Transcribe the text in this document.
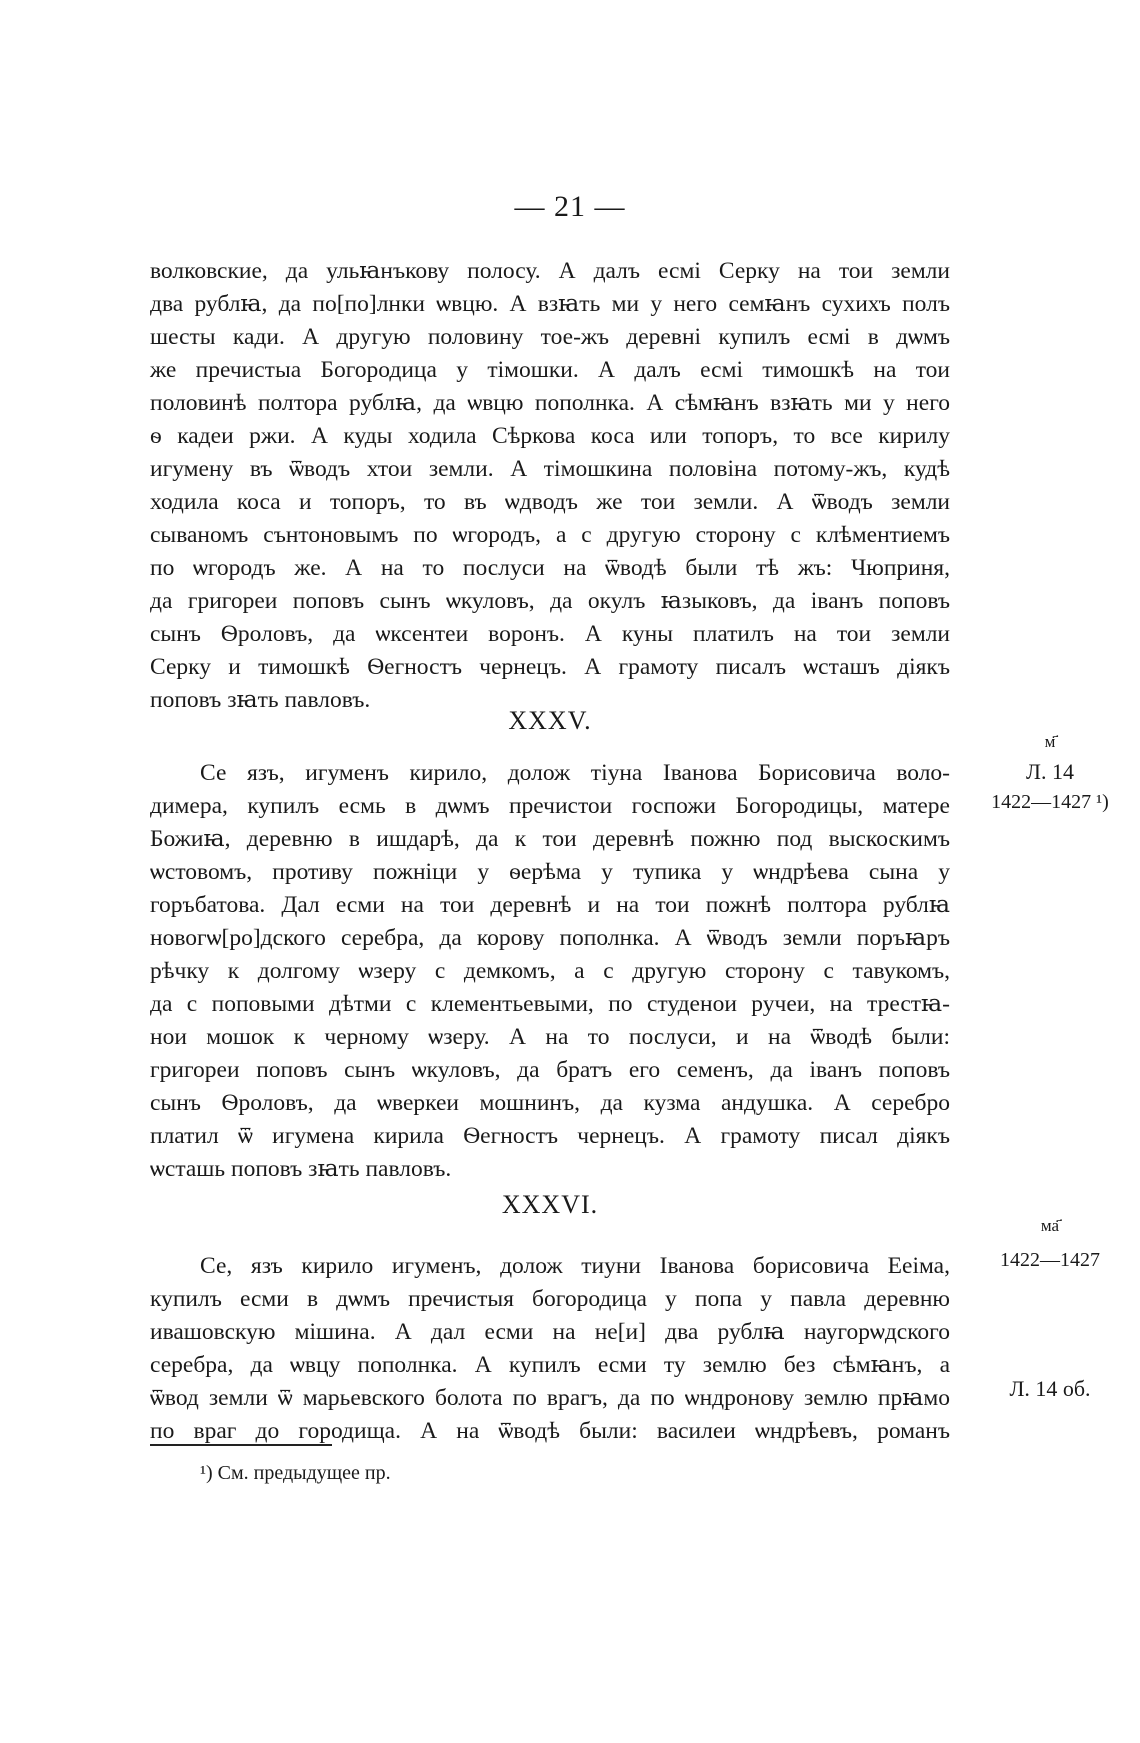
— 21 —
волковские, да ульꙗнъкову полосу. А далъ есмі Серку на тои земли
два рублꙗ, да по[по]лнки ѡвцю. А взꙗть ми у него семꙗнъ сухихъ полъ
шесты кади. А другую половину тое-жъ деревні купилъ есмі в дѡмъ
же пречистыа Богородица у тімошки. А далъ есмі тимошкѣ на тои
половинѣ полтора рублꙗ, да ѡвцю пополнка. А сѣмꙗнъ взꙗть ми у него
ѳ кадеи ржи. А куды ходила Сѣркова коса или топоръ, то все кирилу
игумену въ ѿводъ хтои земли. А тімошкина половіна потому-жъ, кудѣ
ходила коса и топоръ, то въ ѡдводъ же тои земли. А ѿводъ земли
сываномъ сънтоновымъ по ѡгородъ, а с другую сторону с клѣментиемъ
по ѡгородъ же. А на то послуси на ѿводѣ были тѣ жъ: Чюприня,
да григореи поповъ сынъ ѡкуловъ, да окулъ ꙗзыковъ, да іванъ поповъ
сынъ Ѳроловъ, да ѡксентеи воронъ. А куны платилъ на тои земли
Серку и тимошкѣ Ѳегностъ чернецъ. А грамоту писалъ ѡсташъ діякъ
поповъ зꙗть павловъ.
XXXV.
м҃
Л. 14
1422—1427 ¹)
Се язъ, игуменъ кирило, долож тіуна Іванова Борисовича воло-
димера, купилъ есмь в дѡмъ пречистои госпожи Богородицы, матере
Божиꙗ, деревню в ишдарѣ, да к тои деревнѣ пожню под выскоскимъ
ѡстовомъ, противу пожніци у ѳерѣма у тупика у ѡндрѣева сына у
горъбатова. Дал есми на тои деревнѣ и на тои пожнѣ полтора рублꙗ
новогѡ[ро]дского серебра, да корову пополнка. А ѿводъ земли поръꙗръ
рѣчку к долгому ѡзеру с демкомъ, а с другую сторону с тавукомъ,
да с поповыми дѣтми с клементьевыми, по студенои ручеи, на трестꙗ-
нои мошок к черному ѡзеру. А на то послуси, и на ѿводѣ были:
григореи поповъ сынъ ѡкуловъ, да братъ его семенъ, да іванъ поповъ
сынъ Ѳроловъ, да ѡверкеи мошнинъ, да кузма андушка. А серебро
платил ѿ игумена кирила Ѳегностъ чернецъ. А грамоту писал діякъ
ѡсташь поповъ зꙗть павловъ.
XXXVI.
ма҃
1422—1427
Л. 14 об.
Се, язъ кирило игуменъ, долож тиуни Іванова борисовича Ееіма,
купилъ есми в дѡмъ пречистыя богородица у попа у павла деревню
ивашовскую мішина. А дал есми на не[и] два рублꙗ наугорѡдского
серебра, да ѡвцу пополнка. А купилъ есми ту землю без сѣмꙗнъ, а
ѿвод земли ѿ марьевского болота по врагъ, да по ѡндронову землю прꙗмо
по враг до городища. А на ѿводѣ были: василеи ѡндрѣевъ, романъ
¹) См. предыдущее пр.
